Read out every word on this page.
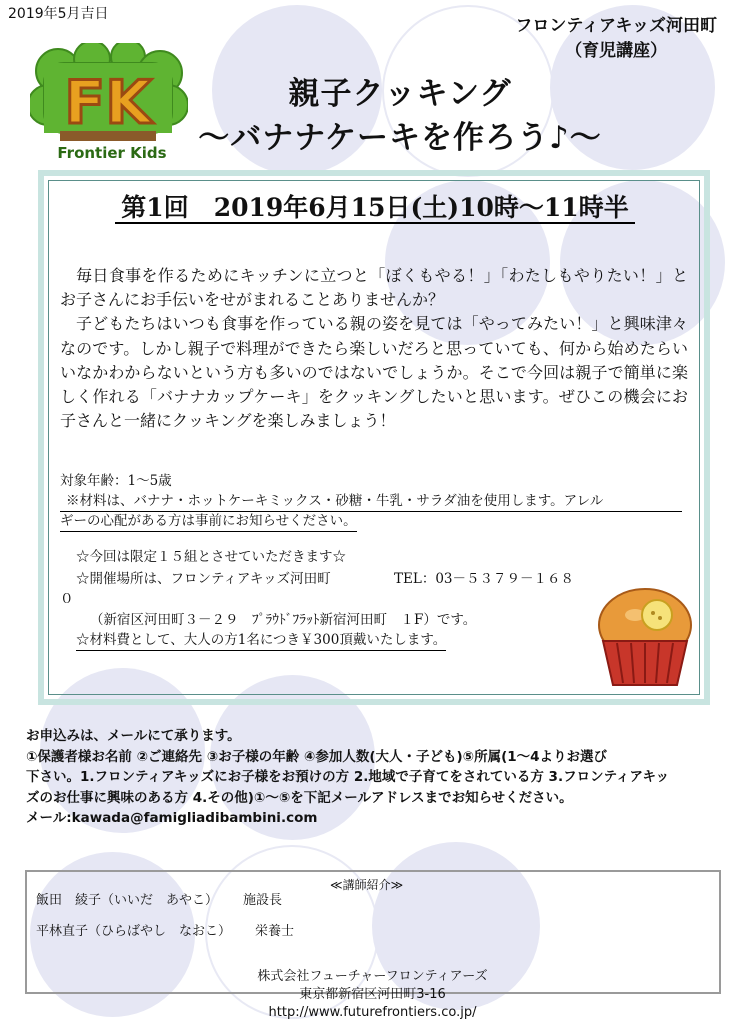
2019年5月吉日
フロンティアキッズ河田町
（育児講座）
FK
Frontier Kids
親子クッキング
～バナナケーキを作ろう♪～
第1回　2019年6月15日(土)10時～11時半

毎日食事を作るためにキッチンに立つと「ぼくもやる！」「わたしもやりたい！」とお子さんにお手伝いをせがまれることありませんか？

子どもたちはいつも食事を作っている親の姿を見ては「やってみたい！」と興味津々なのです。しかし親子で料理ができたら楽しいだろと思っていても、何から始めたらいいなかわからないという方も多いのではないでしょうか。そこで今回は親子で簡単に楽しく作れる「バナナカップケーキ」をクッキングしたいと思います。ぜひこの機会にお子さんと一緒にクッキングを楽しみましょう！

対象年齢：1～5歳
※材料は、バナナ・ホットケーキミックス・砂糖・牛乳・サラダ油を使用します。アレル
ギーの心配がある方は事前にお知らせください。
☆今回は限定１５組とさせていただきます☆
☆開催場所は、フロンティアキッズ河田町	TEL：03－５３７９－１６８
０
（新宿区河田町３－２９　ﾌﾟﾗｳﾄﾞﾌﾗｯﾄ新宿河田町　１F）です。
☆材料費として、大人の方1名につき￥300頂戴いたします。
お申込みは、メールにて承ります。
①保護者様お名前 ②ご連絡先 ③お子様の年齢 ④参加人数(大人・子ども)⑤所属(1～4よりお選び
下さい。1.フロンティアキッズにお子様をお預けの方 2.地域で子育てをされている方 3.フロンティアキッ
ズのお仕事に興味のある方 4.その他)①～⑤を下記メールアドレスまでお知らせください。
メール:kawada@famigliadibambini.com
≪講師紹介≫
飯田　綾子（いいだ　あやこ） 施設長
平林直子（ひらばやし　なおこ） 栄養士
株式会社フューチャーフロンティアーズ
東京都新宿区河田町3-16
http://www.futurefrontiers.co.jp/
